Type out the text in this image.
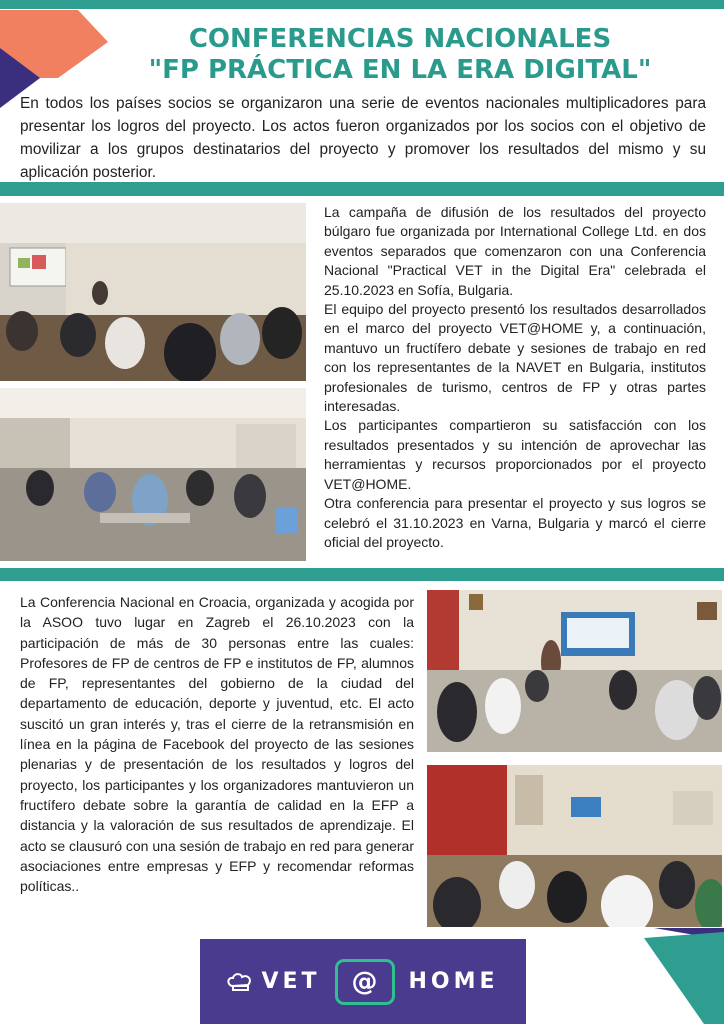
CONFERENCIAS NACIONALES
"FP PRÁCTICA EN LA ERA DIGITAL"
En todos los países socios se organizaron una serie de eventos nacionales multiplicadores para presentar los logros del proyecto. Los actos fueron organizados por los socios con el objetivo de movilizar a los grupos destinatarios del proyecto y promover los resultados del mismo y su aplicación posterior.

La campaña de difusión de los resultados del proyecto búlgaro fue organizada por International College Ltd. en dos eventos separados que comenzaron con una Conferencia Nacional "Practical VET in the Digital Era" celebrada el 25.10.2023 en Sofía, Bulgaria.

El equipo del proyecto presentó los resultados desarrollados en el marco del proyecto VET@HOME y, a continuación, mantuvo un fructífero debate y sesiones de trabajo en red con los representantes de la NAVET en Bulgaria, institutos profesionales de turismo, centros de FP y otras partes interesadas.

Los participantes compartieron su satisfacción con los resultados presentados y su intención de aprovechar las herramientas y recursos proporcionados por el proyecto VET@HOME.

Otra conferencia para presentar el proyecto y sus logros se celebró el 31.10.2023 en Varna, Bulgaria y marcó el cierre oficial del proyecto.

La Conferencia Nacional en Croacia, organizada y acogida por la ASOO tuvo lugar en Zagreb el 26.10.2023 con la participación de más de 30 personas entre las cuales: Profesores de FP de centros de FP e institutos de FP, alumnos de FP, representantes del gobierno de la ciudad del departamento de educación, deporte y juventud, etc. El acto suscitó un gran interés y, tras el cierre de la retransmisión en línea en la página de Facebook del proyecto de las sesiones plenarias y de presentación de los resultados y logros del proyecto, los participantes y los organizadores mantuvieron un fructífero debate sobre la garantía de calidad en la EFP a distancia y la valoración de sus resultados de aprendizaje. El acto se clausuró con una sesión de trabajo en red para generar asociaciones entre empresas y EFP y recomendar reformas políticas..

VET @ HOME
